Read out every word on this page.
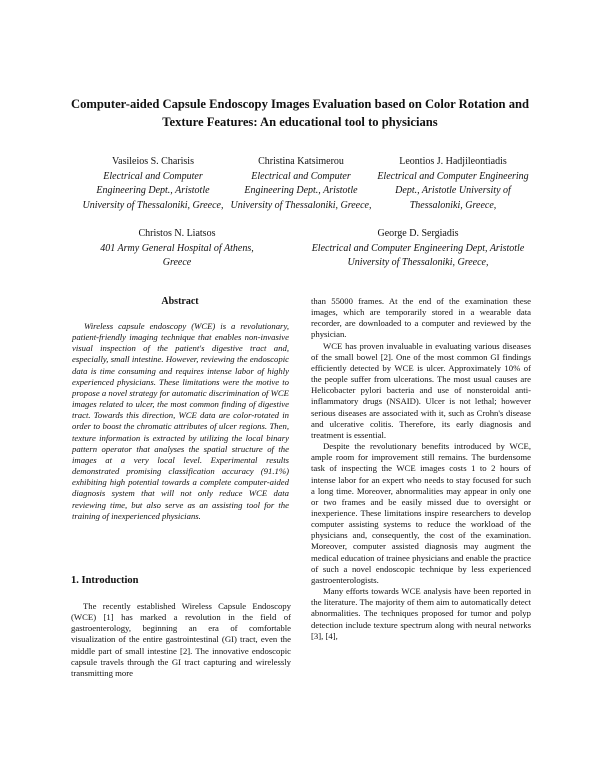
Computer-aided Capsule Endoscopy Images Evaluation based on Color Rotation and Texture Features: An educational tool to physicians
Vasileios S. Charisis
Electrical and Computer Engineering Dept., Aristotle University of Thessaloniki, Greece,
Christina Katsimerou
Electrical and Computer Engineering Dept., Aristotle University of Thessaloniki, Greece,
Leontios J. Hadjileontiadis
Electrical and Computer Engineering Dept., Aristotle University of Thessaloniki, Greece,
Christos N. Liatsos
401 Army General Hospital of Athens, Greece
George D. Sergiadis
Electrical and Computer Engineering Dept, Aristotle University of Thessaloniki, Greece,
Abstract
Wireless capsule endoscopy (WCE) is a revolutionary, patient-friendly imaging technique that enables non-invasive visual inspection of the patient's digestive tract and, especially, small intestine. However, reviewing the endoscopic data is time consuming and requires intense labor of highly experienced physicians. These limitations were the motive to propose a novel strategy for automatic discrimination of WCE images related to ulcer, the most common finding of digestive tract. Towards this direction, WCE data are color-rotated in order to boost the chromatic attributes of ulcer regions. Then, texture information is extracted by utilizing the local binary pattern operator that analyses the spatial structure of the images at a very local level. Experimental results demonstrated promising classification accuracy (91.1%) exhibiting high potential towards a complete computer-aided diagnosis system that will not only reduce WCE data reviewing time, but also serve as an assisting tool for the training of inexperienced physicians.
1. Introduction

The recently established Wireless Capsule Endoscopy (WCE) [1] has marked a revolution in the field of gastroenterology, beginning an era of comfortable visualization of the entire gastrointestinal (GI) tract, even the middle part of small intestine [2]. The innovative endoscopic capsule travels through the GI tract capturing and wirelessly transmitting more

than 55000 frames. At the end of the examination these images, which are temporarily stored in a wearable data recorder, are downloaded to a computer and reviewed by the physician.

WCE has proven invaluable in evaluating various diseases of the small bowel [2]. One of the most common GI findings efficiently detected by WCE is ulcer. Approximately 10% of the people suffer from ulcerations. The most usual causes are Helicobacter pylori bacteria and use of nonsteroidal anti-inflammatory drugs (NSAID). Ulcer is not lethal; however serious diseases are associated with it, such as Crohn's disease and ulcerative colitis. Therefore, its early diagnosis and treatment is essential.

Despite the revolutionary benefits introduced by WCE, ample room for improvement still remains. The burdensome task of inspecting the WCE images costs 1 to 2 hours of intense labor for an expert who needs to stay focused for such a long time. Moreover, abnormalities may appear in only one or two frames and be easily missed due to oversight or inexperience. These limitations inspire researchers to develop computer assisting systems to reduce the workload of the physicians and, consequently, the cost of the examination. Moreover, computer assisted diagnosis may augment the medical education of trainee physicians and enable the practice of such a novel endoscopic technique by less experienced gastroenterologists.

Many efforts towards WCE analysis have been reported in the literature. The majority of them aim to automatically detect abnormalities. The techniques proposed for tumor and polyp detection include texture spectrum along with neural networks [3], [4],
